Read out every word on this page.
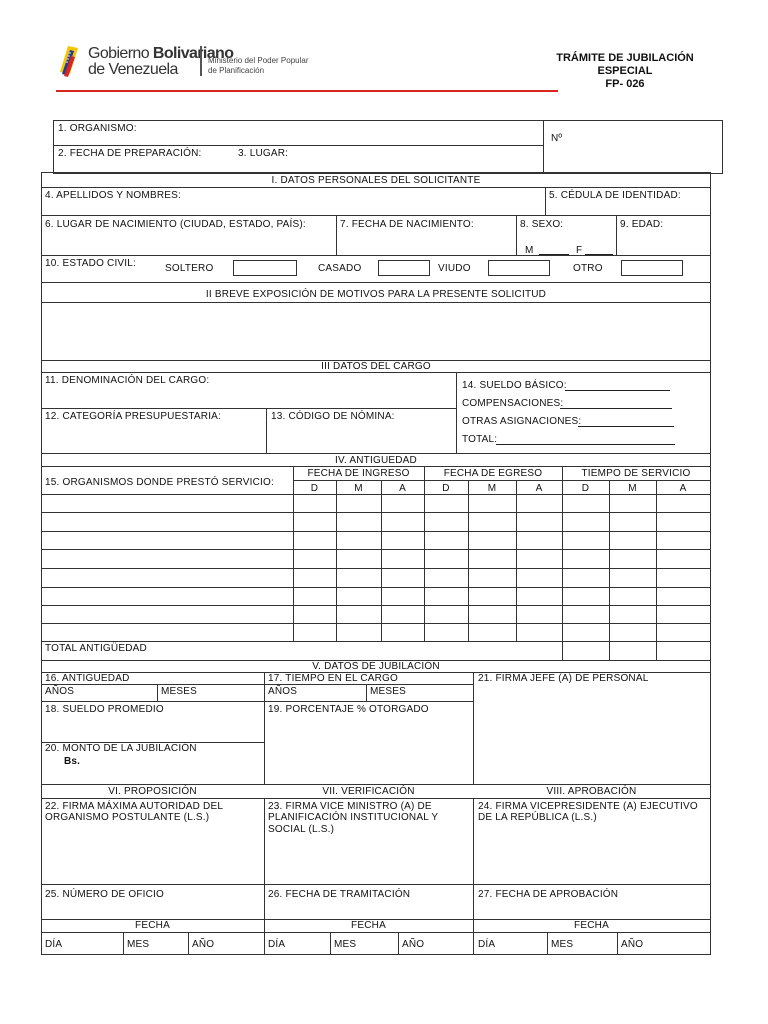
Gobierno Bolivariano
de Venezuela
Ministerio del Poder Popular
de Planificación
TRÁMITE DE JUBILACIÓN
ESPECIAL
FP- 026
1. ORGANISMO:
2. FECHA DE PREPARACIÓN:	3. LUGAR:
Nº
I. DATOS PERSONALES DEL SOLICITANTE
4. APELLIDOS Y NOMBRES:	5. CÉDULA DE IDENTIDAD:
6. LUGAR DE NACIMIENTO (CIUDAD, ESTADO, PAÍS):	7. FECHA DE NACIMIENTO:	8. SEXO:
M	F
9. EDAD:
10. ESTADO CIVIL:	SOLTERO	CASADO	VIUDO	OTRO
II BREVE EXPOSICIÓN DE MOTIVOS PARA LA PRESENTE SOLICITUD
III DATOS DEL CARGO
11. DENOMINACIÓN DEL CARGO:
12. CATEGORÍA PRESUPUESTARIA:	13. CÓDIGO DE NÓMINA:
14. SUELDO BÁSICO:
COMPENSACIONES:
OTRAS ASIGNACIONES:
TOTAL:
IV. ANTIGUEDAD
15. ORGANISMOS DONDE PRESTÓ SERVICIO:
FECHA DE INGRESO	FECHA DE EGRESO	TIEMPO DE SERVICIO
D	M	A	D	M	A	D	M	A
TOTAL ANTIGÜEDAD
V. DATOS DE JUBILACIÓN
16. ANTIGUEDAD	17. TIEMPO EN EL CARGO	21. FIRMA JEFE (A) DE PERSONAL
AÑOS	MESES	AÑOS	MESES
18. SUELDO PROMEDIO	19. PORCENTAJE % OTORGADO
20. MONTO DE LA JUBILACIÓN
Bs.
VI. PROPOSICIÓN	VII. VERIFICACIÓN	VIII. APROBACIÓN
22. FIRMA MÁXIMA AUTORIDAD DEL
ORGANISMO POSTULANTE (L.S.)
23. FIRMA VICE MINISTRO (A) DE
PLANIFICACIÓN INSTITUCIONAL Y
SOCIAL (L.S.)
24. FIRMA VICEPRESIDENTE (A) EJECUTIVO
DE LA REPÚBLICA (L.S.)
25. NÚMERO DE OFICIO	26. FECHA DE TRAMITACIÓN	27. FECHA DE APROBACIÓN
FECHA	FECHA	FECHA
DÍA	MES	AÑO	DÍA	MES	AÑO	DÍA	MES	AÑO
